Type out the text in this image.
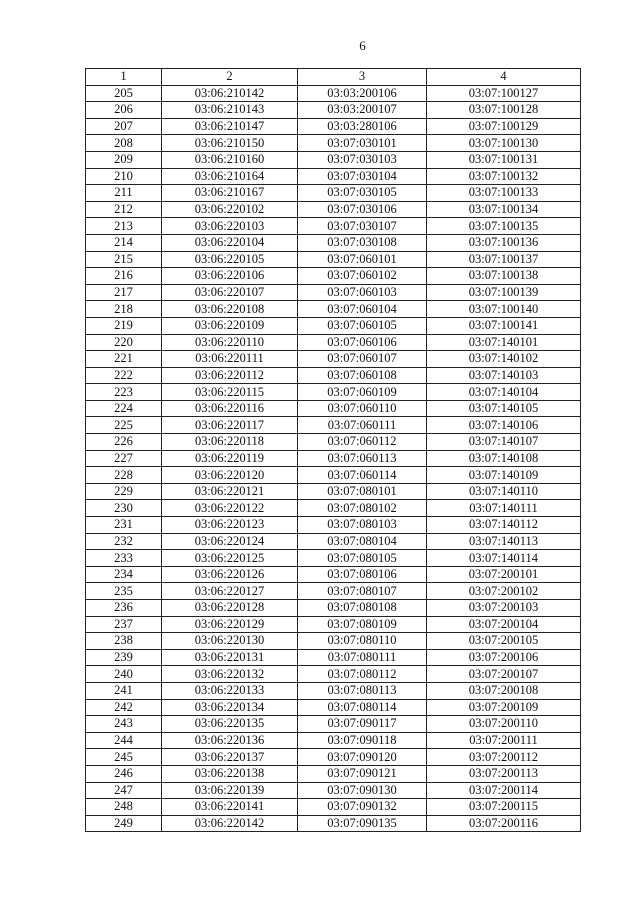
6
1	2	3	4
205	03:06:210142	03:03:200106	03:07:100127
206	03:06:210143	03:03:200107	03:07:100128
207	03:06:210147	03:03:280106	03:07:100129
208	03:06:210150	03:07:030101	03:07:100130
209	03:06:210160	03:07:030103	03:07:100131
210	03:06:210164	03:07:030104	03:07:100132
211	03:06:210167	03:07:030105	03:07:100133
212	03:06:220102	03:07:030106	03:07:100134
213	03:06:220103	03:07:030107	03:07:100135
214	03:06:220104	03:07:030108	03:07:100136
215	03:06:220105	03:07:060101	03:07:100137
216	03:06:220106	03:07:060102	03:07:100138
217	03:06:220107	03:07:060103	03:07:100139
218	03:06:220108	03:07:060104	03:07:100140
219	03:06:220109	03:07:060105	03:07:100141
220	03:06:220110	03:07:060106	03:07:140101
221	03:06:220111	03:07:060107	03:07:140102
222	03:06:220112	03:07:060108	03:07:140103
223	03:06:220115	03:07:060109	03:07:140104
224	03:06:220116	03:07:060110	03:07:140105
225	03:06:220117	03:07:060111	03:07:140106
226	03:06:220118	03:07:060112	03:07:140107
227	03:06:220119	03:07:060113	03:07:140108
228	03:06:220120	03:07:060114	03:07:140109
229	03:06:220121	03:07:080101	03:07:140110
230	03:06:220122	03:07:080102	03:07:140111
231	03:06:220123	03:07:080103	03:07:140112
232	03:06:220124	03:07:080104	03:07:140113
233	03:06:220125	03:07:080105	03:07:140114
234	03:06:220126	03:07:080106	03:07:200101
235	03:06:220127	03:07:080107	03:07:200102
236	03:06:220128	03:07:080108	03:07:200103
237	03:06:220129	03:07:080109	03:07:200104
238	03:06:220130	03:07:080110	03:07:200105
239	03:06:220131	03:07:080111	03:07:200106
240	03:06:220132	03:07:080112	03:07:200107
241	03:06:220133	03:07:080113	03:07:200108
242	03:06:220134	03:07:080114	03:07:200109
243	03:06:220135	03:07:090117	03:07:200110
244	03:06:220136	03:07:090118	03:07:200111
245	03:06:220137	03:07:090120	03:07:200112
246	03:06:220138	03:07:090121	03:07:200113
247	03:06:220139	03:07:090130	03:07:200114
248	03:06:220141	03:07:090132	03:07:200115
249	03:06:220142	03:07:090135	03:07:200116
